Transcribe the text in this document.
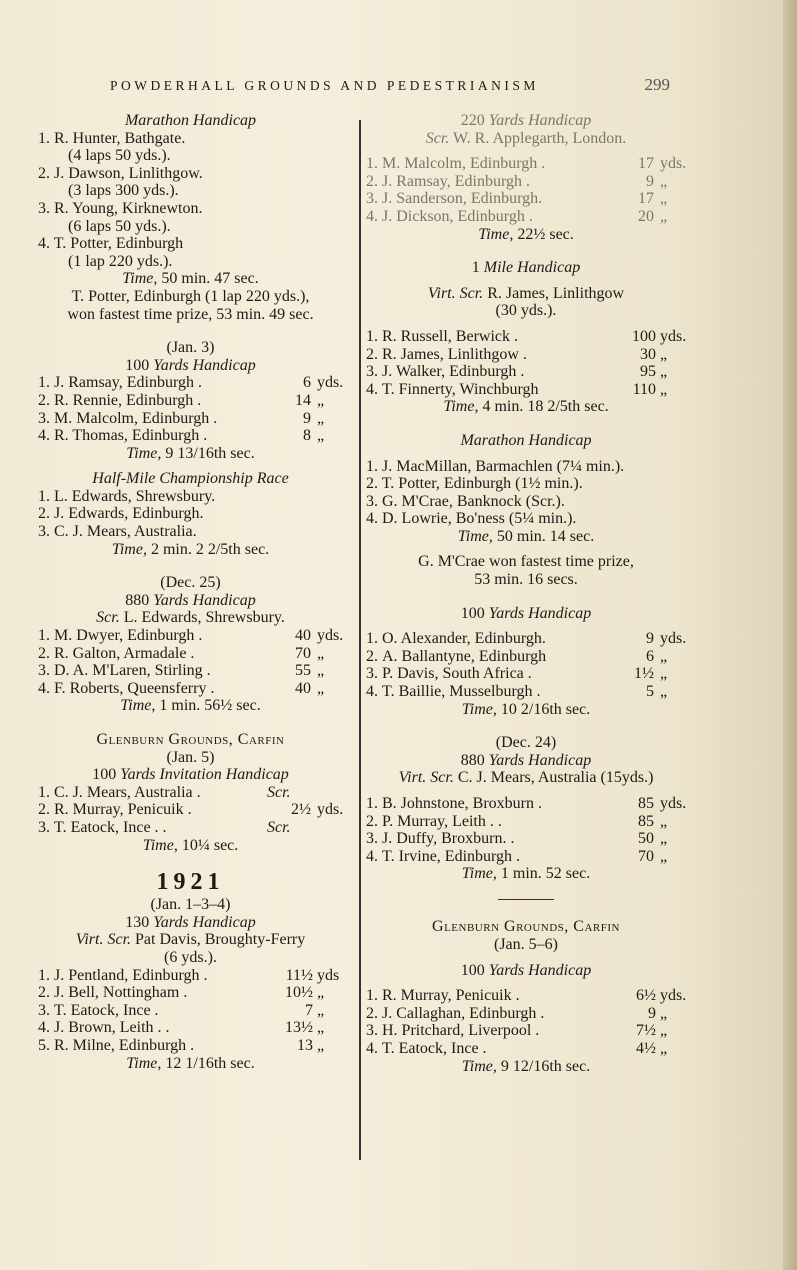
POWDERHALL GROUNDS AND PEDESTRIANISM	299
Marathon Handicap
1. R. Hunter, Bathgate.
(4 laps 50 yds.).
2. J. Dawson, Linlithgow.
(3 laps 300 yds.).
3. R. Young, Kirknewton.
(6 laps 50 yds.).
4. T. Potter, Edinburgh
(1 lap 220 yds.).
Time, 50 min. 47 sec.
T. Potter, Edinburgh (1 lap 220 yds.),
won fastest time prize, 53 min. 49 sec.
(Jan. 3)
100 Yards Handicap
1. J. Ramsay, Edinburgh .	6 yds.
2. R. Rennie, Edinburgh .	14 „
3. M. Malcolm, Edinburgh .	9 „
4. R. Thomas, Edinburgh .	8 „
Time, 9 13/16th sec.
Half-Mile Championship Race
1. L. Edwards, Shrewsbury.
2. J. Edwards, Edinburgh.
3. C. J. Mears, Australia.
Time, 2 min. 2 2/5th sec.
(Dec. 25)
880 Yards Handicap
Scr. L. Edwards, Shrewsbury.
1. M. Dwyer, Edinburgh .	40 yds.
2. R. Galton, Armadale .	70 „
3. D. A. M'Laren, Stirling .	55 „
4. F. Roberts, Queensferry .	40 „
Time, 1 min. 56½ sec.
Glenburn Grounds, Carfin
(Jan. 5)
100 Yards Invitation Handicap
1. C. J. Mears, Australia .	Scr.
2. R. Murray, Penicuik .	2½ yds.
3. T. Eatock, Ince . .	Scr.
Time, 10¼ sec.
1921
(Jan. 1–3–4)
130 Yards Handicap
Virt. Scr. Pat Davis, Broughty-Ferry
(6 yds.).
1. J. Pentland, Edinburgh .	11½ yds
2. J. Bell, Nottingham .	10½ „
3. T. Eatock, Ince .	7 „
4. J. Brown, Leith . .	13½ „
5. R. Milne, Edinburgh .	13 „
Time, 12 1/16th sec.
220 Yards Handicap
Scr. W. R. Applegarth, London.
1. M. Malcolm, Edinburgh .	17 yds.
2. J. Ramsay, Edinburgh .	9 „
3. J. Sanderson, Edinburgh.	17 „
4. J. Dickson, Edinburgh .	20 „
Time, 22½ sec.
1 Mile Handicap
Virt. Scr. R. James, Linlithgow
(30 yds.).
1. R. Russell, Berwick .	100 yds.
2. R. James, Linlithgow .	30 „
3. J. Walker, Edinburgh .	95 „
4. T. Finnerty, Winchburgh	110 „
Time, 4 min. 18 2/5th sec.
Marathon Handicap
1. J. MacMillan, Barmachlen (7¼ min.).
2. T. Potter, Edinburgh (1½ min.).
3. G. M'Crae, Banknock (Scr.).
4. D. Lowrie, Bo'ness (5¼ min.).
Time, 50 min. 14 sec.
G. M'Crae won fastest time prize,
53 min. 16 secs.
100 Yards Handicap
1. O. Alexander, Edinburgh.	9 yds.
2. A. Ballantyne, Edinburgh	6 „
3. P. Davis, South Africa .	1½ „
4. T. Baillie, Musselburgh .	5 „
Time, 10 2/16th sec.
(Dec. 24)
880 Yards Handicap
Virt. Scr. C. J. Mears, Australia (15yds.)
1. B. Johnstone, Broxburn .	85 yds.
2. P. Murray, Leith . .	85 „
3. J. Duffy, Broxburn. .	50 „
4. T. Irvine, Edinburgh .	70 „
Time, 1 min. 52 sec.
Glenburn Grounds, Carfin
(Jan. 5–6)
100 Yards Handicap
1. R. Murray, Penicuik .	6½ yds.
2. J. Callaghan, Edinburgh .	9 „
3. H. Pritchard, Liverpool .	7½ „
4. T. Eatock, Ince .	4½ „
Time, 9 12/16th sec.
